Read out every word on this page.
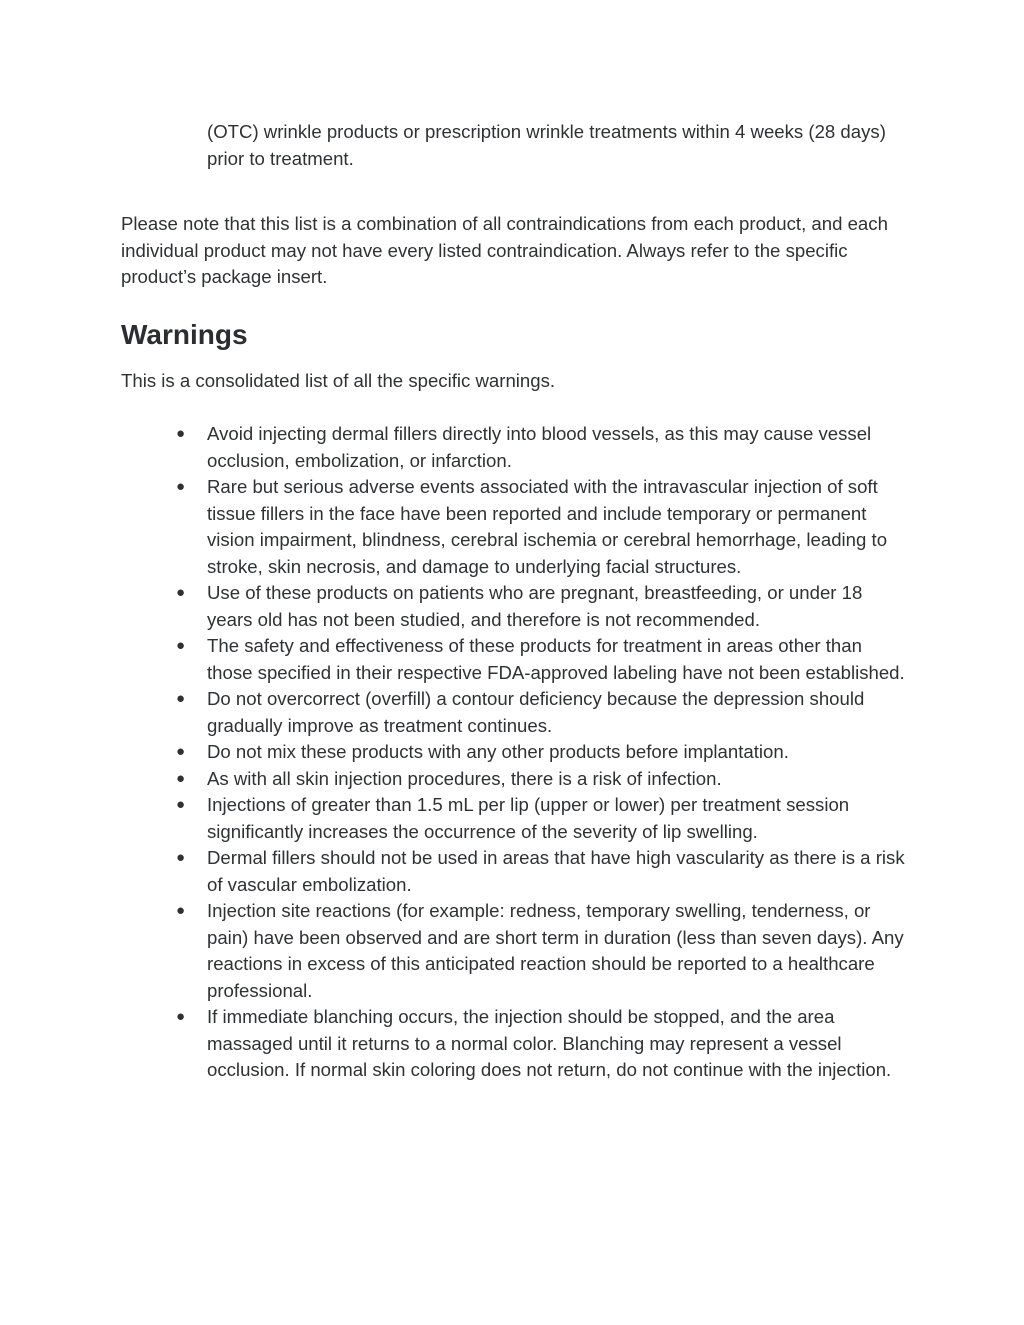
(OTC) wrinkle products or prescription wrinkle treatments within 4 weeks (28 days) prior to treatment.

Please note that this list is a combination of all contraindications from each product, and each individual product may not have every listed contraindication. Always refer to the specific product’s package insert.

Warnings

This is a consolidated list of all the specific warnings.

●	Avoid injecting dermal fillers directly into blood vessels, as this may cause vessel occlusion, embolization, or infarction.
●	Rare but serious adverse events associated with the intravascular injection of soft tissue fillers in the face have been reported and include temporary or permanent vision impairment, blindness, cerebral ischemia or cerebral hemorrhage, leading to stroke, skin necrosis, and damage to underlying facial structures.
●	Use of these products on patients who are pregnant, breastfeeding, or under 18 years old has not been studied, and therefore is not recommended.
●	The safety and effectiveness of these products for treatment in areas other than those specified in their respective FDA-approved labeling have not been established.
●	Do not overcorrect (overfill) a contour deficiency because the depression should gradually improve as treatment continues.
●	Do not mix these products with any other products before implantation.
●	As with all skin injection procedures, there is a risk of infection.
●	Injections of greater than 1.5 mL per lip (upper or lower) per treatment session significantly increases the occurrence of the severity of lip swelling.
●	Dermal fillers should not be used in areas that have high vascularity as there is a risk of vascular embolization.
●	Injection site reactions (for example: redness, temporary swelling, tenderness, or pain) have been observed and are short term in duration (less than seven days). Any reactions in excess of this anticipated reaction should be reported to a healthcare professional.
●	If immediate blanching occurs, the injection should be stopped, and the area massaged until it returns to a normal color. Blanching may represent a vessel occlusion. If normal skin coloring does not return, do not continue with the injection.
